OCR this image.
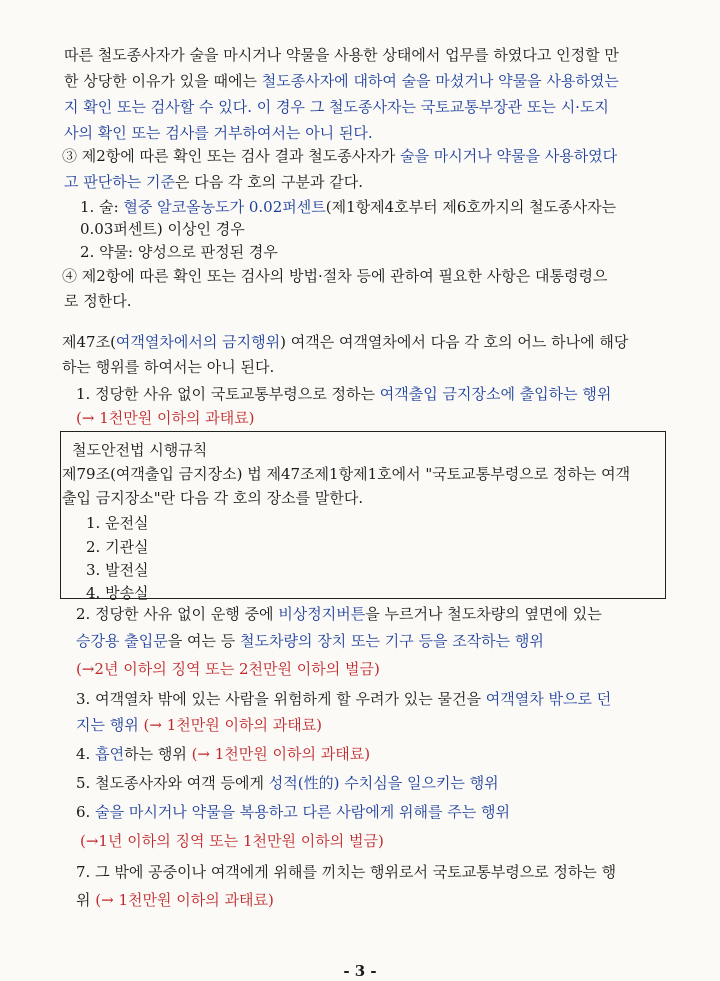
따른 철도종사자가 술을 마시거나 약물을 사용한 상태에서 업무를 하였다고 인정할 만
한 상당한 이유가 있을 때에는 철도종사자에 대하여 술을 마셨거나 약물을 사용하였는
지 확인 또는 검사할 수 있다. 이 경우 그 철도종사자는 국토교통부장관 또는 시·도지
사의 확인 또는 검사를 거부하여서는 아니 된다.
③ 제2항에 따른 확인 또는 검사 결과 철도종사자가 술을 마시거나 약물을 사용하였다
고 판단하는 기준은 다음 각 호의 구분과 같다.
1. 술: 혈중 알코올농도가 0.02퍼센트(제1항제4호부터 제6호까지의 철도종사자는
0.03퍼센트) 이상인 경우
2. 약물: 양성으로 판정된 경우
④ 제2항에 따른 확인 또는 검사의 방법·절차 등에 관하여 필요한 사항은 대통령령으
로 정한다.
제47조(여객열차에서의 금지행위) 여객은 여객열차에서 다음 각 호의 어느 하나에 해당
하는 행위를 하여서는 아니 된다.
1. 정당한 사유 없이 국토교통부령으로 정하는 여객출입 금지장소에 출입하는 행위
(→ 1천만원 이하의 과태료)
철도안전법 시행규칙
제79조(여객출입 금지장소) 법 제47조제1항제1호에서 "국토교통부령으로 정하는 여객
출입 금지장소"란 다음 각 호의 장소를 말한다.
1. 운전실
2. 기관실
3. 발전실
4. 방송실
2. 정당한 사유 없이 운행 중에 비상정지버튼을 누르거나 철도차량의 옆면에 있는
승강용 출입문을 여는 등 철도차량의 장치 또는 기구 등을 조작하는 행위
(→2년 이하의 징역 또는 2천만원 이하의 벌금)
3. 여객열차 밖에 있는 사람을 위험하게 할 우려가 있는 물건을 여객열차 밖으로 던
지는 행위 (→ 1천만원 이하의 과태료)
4. 흡연하는 행위 (→ 1천만원 이하의 과태료)
5. 철도종사자와 여객 등에게 성적(性的) 수치심을 일으키는 행위
6. 술을 마시거나 약물을 복용하고 다른 사람에게 위해를 주는 행위
(→1년 이하의 징역 또는 1천만원 이하의 벌금)
7. 그 밖에 공중이나 여객에게 위해를 끼치는 행위로서 국토교통부령으로 정하는 행
위 (→ 1천만원 이하의 과태료)
- 3 -
